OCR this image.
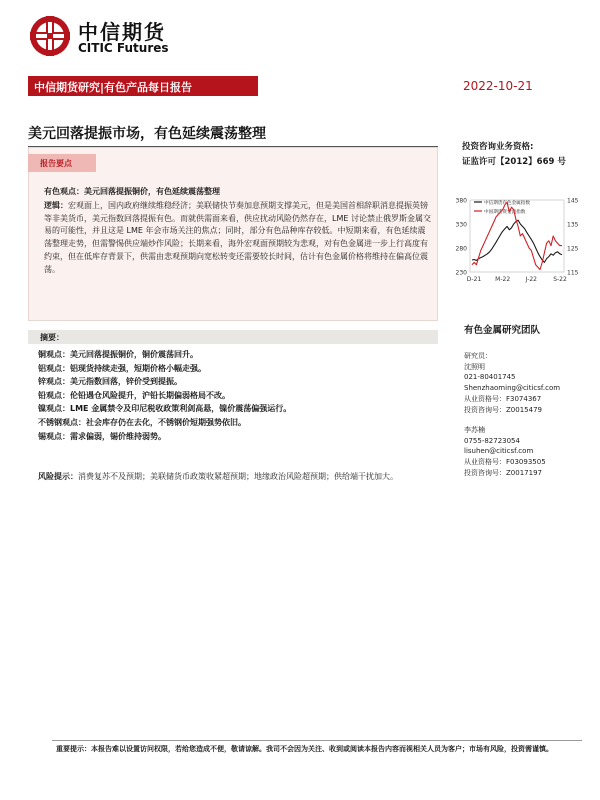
中信期货
CITIC Futures
中信期货研究|有色产品每日报告	2022-10-21
美元回落提振市场，有色延续震荡整理
投资咨询业务资格:
证监许可【2012】669 号
报告要点
有色观点：美元回落提振铜价，有色延续震荡整理
逻辑：宏观面上，国内政府继续维稳经济；美联储快节奏加息预期支撑美元，但是美国首相辞职消息提振英镑等非美货币，美元指数回落提振有色。而就供需面来看，供应扰动风险仍然存在，LME 讨论禁止俄罗斯金属交易的可能性，并且这是 LME 年会市场关注的焦点；同时，部分有色品种库存较低。中短期来看，有色延续震荡整理走势，但需警惕供应端炒作风险；长期来看，海外宏观面预期较为悲观，对有色金属进一步上行高度有约束，但在低库存背景下，供需由悲观预期向宽松转变还需要较长时间，估计有色金属价格将维持在偏高位震荡。	230
280
330
380
115
125
135
145
D-21 M-22	J-22	S-22
中信期货有色金属指数
中国期货资金流指数
摘要：
铜观点：美元回落提振铜价，铜价震荡回升。
铝观点：铝现货持续走强，短期价格小幅走强。
锌观点：美元指数回落，锌价受到提振。
铅观点：伦铅遇仓风险提升，沪铅长期偏弱格局不改。
镍观点：LME 金属禁令及印尼税收政策利剑高悬，镍价震荡偏强运行。
不锈钢观点：社会库存仍在去化，不锈钢价短期强势依旧。
锡观点：需求偏弱，锡价维持弱势。
风险提示：消费复苏不及预期；美联储货币政策收紧超预期；地缘政治风险超预期；供给端干扰加大。
有色金属研究团队
研究员：
沈照明
021-80401745
Shenzhaoming@citicsf.com
从业资格号：F3074367
投资咨询号：Z0015479
李苏楠
0755-82723054
lisuhen@citicsf.com
从业资格号：F03093505
投资咨询号：Z0017197
重要提示：本报告难以设置访问权限，若给您造成不便，敬请谅解。我司不会因为关注、收到或阅读本报告内容而视相关人员为客户；市场有风险，投资需谨慎。
